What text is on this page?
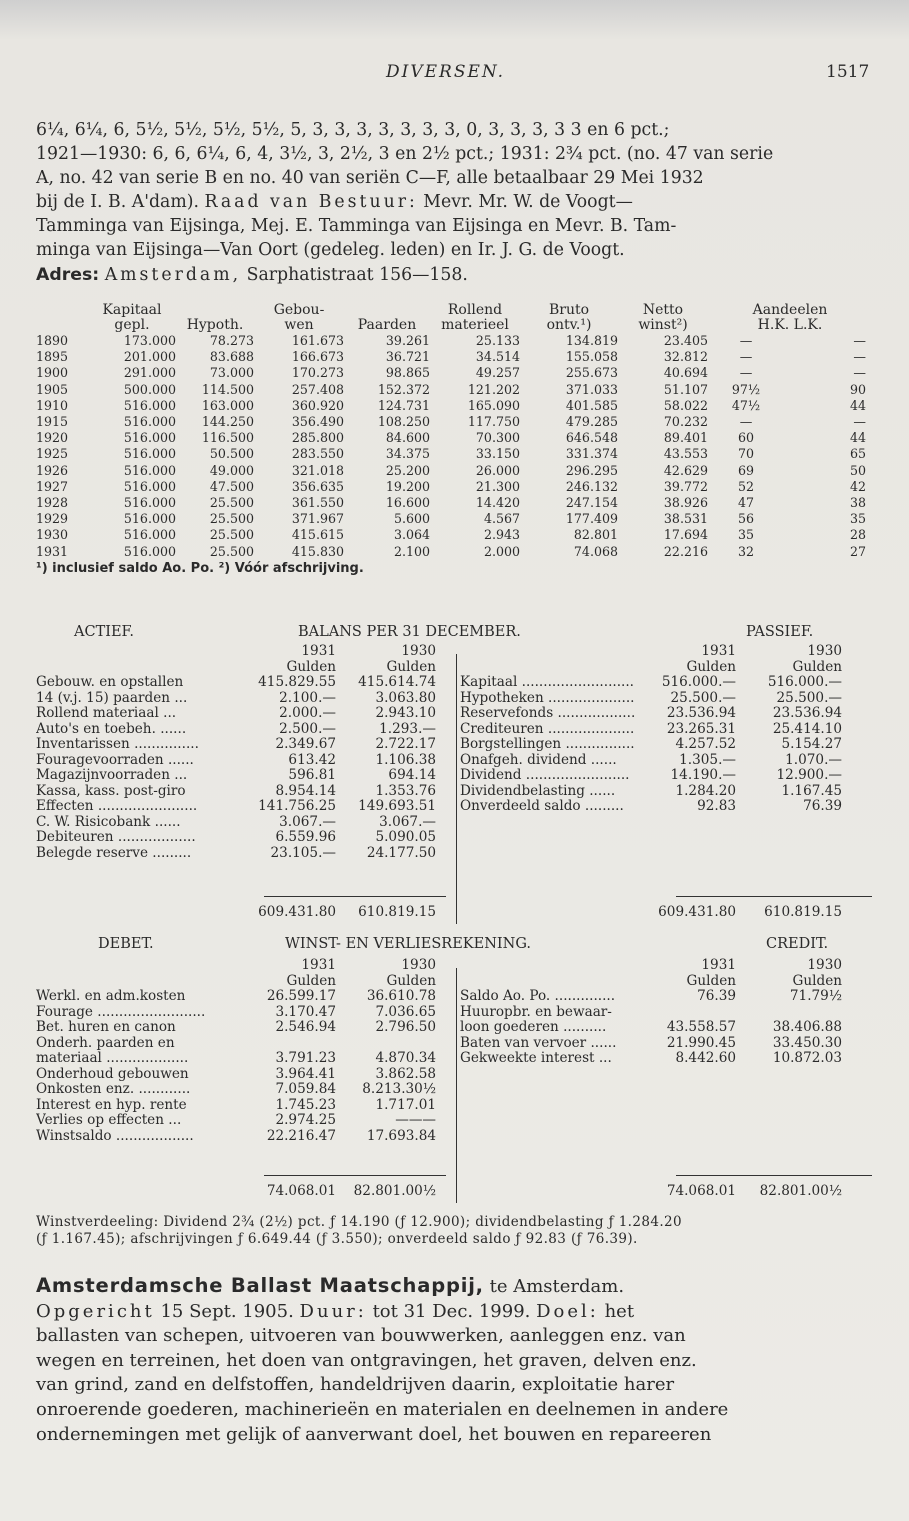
DIVERSEN.	1517

6¼, 6¼, 6, 5½, 5½, 5½, 5½, 5, 3, 3, 3, 3, 3, 3, 3, 0, 3, 3, 3, 3 3 en 6 pct.;

1921—1930: 6, 6, 6¼, 6, 4, 3½, 3, 2½, 3 en 2½ pct.; 1931: 2¾ pct. (no. 47 van serie

A, no. 42 van serie B en no. 40 van seriën C—F, alle betaalbaar 29 Mei 1932

bij de I. B. A'dam). Raad van Bestuur: Mevr. Mr. W. de Voogt—

Tamminga van Eijsinga, Mej. E. Tamminga van Eijsinga en Mevr. B. Tam-

minga van Eijsinga—Van Oort (gedeleg. leden) en Ir. J. G. de Voogt.

Adres: Amsterdam, Sarphatistraat 156—158.

	Kapitaal		Gebou-		Rollend	Bruto	Netto	Aandeelen	
	gepl.	Hypoth.	wen	Paarden	materieel	ontv.¹)	winst²)	H.K. L.K.	
1890	173.000	78.273	161.673	39.261	25.133	134.819	23.405	—	—
1895	201.000	83.688	166.673	36.721	34.514	155.058	32.812	—	—
1900	291.000	73.000	170.273	98.865	49.257	255.673	40.694	—	—
1905	500.000	114.500	257.408	152.372	121.202	371.033	51.107	97½	90
1910	516.000	163.000	360.920	124.731	165.090	401.585	58.022	47½	44
1915	516.000	144.250	356.490	108.250	117.750	479.285	70.232	—	—
1920	516.000	116.500	285.800	84.600	70.300	646.548	89.401	60	44
1925	516.000	50.500	283.550	34.375	33.150	331.374	43.553	70	65
1926	516.000	49.000	321.018	25.200	26.000	296.295	42.629	69	50
1927	516.000	47.500	356.635	19.200	21.300	246.132	39.772	52	42
1928	516.000	25.500	361.550	16.600	14.420	247.154	38.926	47	38
1929	516.000	25.500	371.967	5.600	4.567	177.409	38.531	56	35
1930	516.000	25.500	415.615	3.064	2.943	82.801	17.694	35	28
1931	516.000	25.500	415.830	2.100	2.000	74.068	22.216	32	27
¹) inclusief saldo Ao. Po. ²) Vóór afschrijving.
ACTIEF.	BALANS PER 31 DECEMBER.	PASSIEF.
1931	1930
Gulden	Gulden
Gebouw. en opstallen	415.829.55	415.614.74
14 (v.j. 15) paarden ...	2.100.—	3.063.80
Rollend materiaal ...	2.000.—	2.943.10
Auto's en toebeh. ......	2.500.—	1.293.—
Inventarissen ...............	2.349.67	2.722.17
Fouragevoorraden ......	613.42	1.106.38
Magazijnvoorraden ...	596.81	694.14
Kassa, kass. post-giro	8.954.14	1.353.76
Effecten .......................	141.756.25	149.693.51
C. W. Risicobank ......	3.067.—	3.067.—
Debiteuren ..................	6.559.96	5.090.05
Belegde reserve .........	23.105.—	24.177.50
1931	1930
Gulden	Gulden
Kapitaal ..........................	516.000.—	516.000.—
Hypotheken ....................	25.500.—	25.500.—
Reservefonds ..................	23.536.94	23.536.94
Crediteuren ....................	23.265.31	25.414.10
Borgstellingen ................	4.257.52	5.154.27
Onafgeh. dividend ......	1.305.—	1.070.—
Dividend ........................	14.190.—	12.900.—
Dividendbelasting ......	1.284.20	1.167.45
Onverdeeld saldo .........	92.83	76.39
609.431.80	610.819.15	609.431.80	610.819.15
DEBET.	WINST- EN VERLIESREKENING.	CREDIT.
1931	1930
Gulden	Gulden
Werkl. en adm.kosten	26.599.17	36.610.78
Fourage .........................	3.170.47	7.036.65
Bet. huren en canon	2.546.94	2.796.50
Onderh. paarden en
materiaal ...................	3.791.23	4.870.34
Onderhoud gebouwen	3.964.41	3.862.58
Onkosten enz. ............	7.059.84	8.213.30½
Interest en hyp. rente	1.745.23	1.717.01
Verlies op effecten ...	2.974.25	———
Winstsaldo ..................	22.216.47	17.693.84
1931	1930
Gulden	Gulden
Saldo Ao. Po. ..............	76.39	71.79½
Huuropbr. en bewaar-
loon goederen ..........	43.558.57	38.406.88
Baten van vervoer ......	21.990.45	33.450.30
Gekweekte interest ...	8.442.60	10.872.03
74.068.01	82.801.00½	74.068.01	82.801.00½

Winstverdeeling: Dividend 2¾ (2½) pct. ƒ 14.190 (ƒ 12.900); dividendbelasting ƒ 1.284.20

(ƒ 1.167.45); afschrijvingen ƒ 6.649.44 (ƒ 3.550); onverdeeld saldo ƒ 92.83 (ƒ 76.39).

Amsterdamsche Ballast Maatschappij, te Amsterdam.

Opgericht 15 Sept. 1905. Duur: tot 31 Dec. 1999. Doel: het

ballasten van schepen, uitvoeren van bouwwerken, aanleggen enz. van

wegen en terreinen, het doen van ontgravingen, het graven, delven enz.

van grind, zand en delfstoffen, handeldrijven daarin, exploitatie harer

onroerende goederen, machinerieën en materialen en deelnemen in andere

ondernemingen met gelijk of aanverwant doel, het bouwen en repareeren
